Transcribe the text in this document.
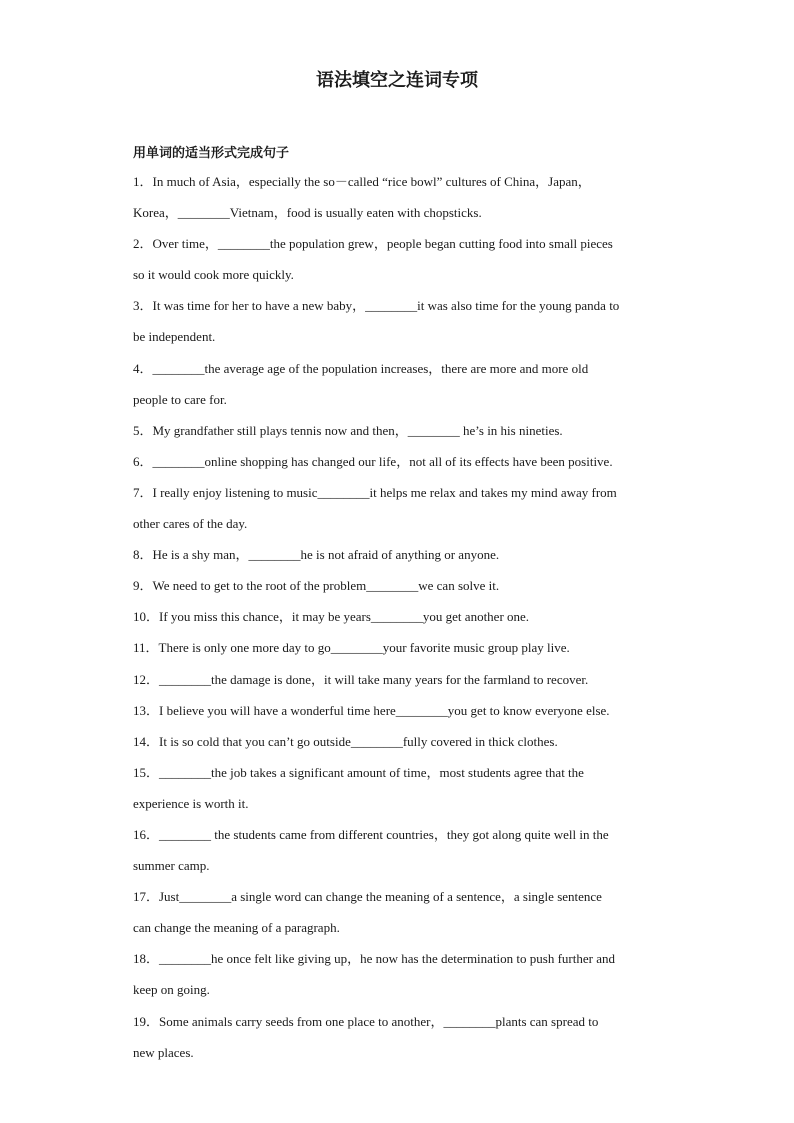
语法填空之连词专项
用单词的适当形式完成句子
1．In much of Asia，especially the so－called “rice bowl” cultures of China，Japan，
Korea，________Vietnam，food is usually eaten with chopsticks.
2．Over time，________the population grew，people began cutting food into small pieces
so it would cook more quickly.
3．It was time for her to have a new baby，________it was also time for the young panda to
be independent.
4．________the average age of the population increases，there are more and more old
people to care for.
5．My grandfather still plays tennis now and then，________ he’s in his nineties.
6．________online shopping has changed our life，not all of its effects have been positive.
7．I really enjoy listening to music________it helps me relax and takes my mind away from
other cares of the day.
8．He is a shy man，________he is not afraid of anything or anyone.
9．We need to get to the root of the problem________we can solve it.
10．If you miss this chance，it may be years________you get another one.
11．There is only one more day to go________your favorite music group play live.
12．________the damage is done，it will take many years for the farmland to recover.
13．I believe you will have a wonderful time here________you get to know everyone else.
14．It is so cold that you can’t go outside________fully covered in thick clothes.
15．________the job takes a significant amount of time，most students agree that the
experience is worth it.
16．________ the students came from different countries，they got along quite well in the
summer camp.
17．Just________a single word can change the meaning of a sentence，a single sentence
can change the meaning of a paragraph.
18．________he once felt like giving up，he now has the determination to push further and
keep on going.
19．Some animals carry seeds from one place to another，________plants can spread to
new places.
